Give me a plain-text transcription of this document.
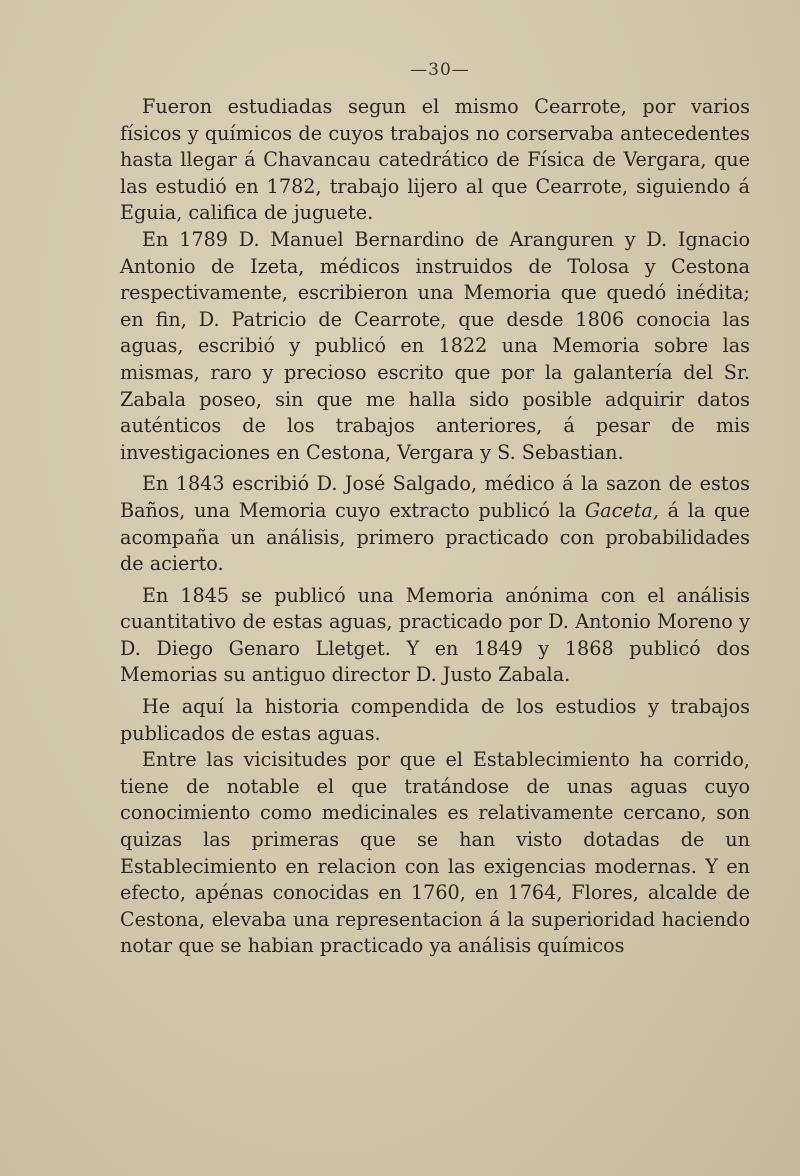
—30—

Fueron estudiadas segun el mismo Cearrote, por varios físicos y químicos de cuyos trabajos no corservaba antecedentes hasta llegar á Chavancau catedrático de Física de Vergara, que las estudió en 1782, trabajo lijero al que Cearrote, siguiendo á Eguia, califica de juguete.

En 1789 D. Manuel Bernardino de Aranguren y D. Ignacio Antonio de Izeta, médicos instruidos de Tolosa y Cestona respectivamente, escribieron una Memoria que quedó inédita; en fin, D. Patricio de Cearrote, que desde 1806 conocia las aguas, escribió y publicó en 1822 una Memoria sobre las mismas, raro y precioso escrito que por la galantería del Sr. Zabala poseo, sin que me halla sido posible adquirir datos auténticos de los trabajos anteriores, á pesar de mis investigaciones en Cestona, Vergara y S. Sebastian.

En 1843 escribió D. José Salgado, médico á la sazon de estos Baños, una Memoria cuyo extracto publicó la Gaceta, á la que acompaña un análisis, primero practicado con probabilidades de acierto.

En 1845 se publicó una Memoria anónima con el análisis cuantitativo de estas aguas, practicado por D. Antonio Moreno y D. Diego Genaro Lletget. Y en 1849 y 1868 publicó dos Memorias su antiguo director D. Justo Zabala.

He aquí la historia compendida de los estudios y trabajos publicados de estas aguas.

Entre las vicisitudes por que el Establecimiento ha corrido, tiene de notable el que tratándose de unas aguas cuyo conocimiento como medicinales es relativamente cercano, son quizas las primeras que se han visto dotadas de un Establecimiento en relacion con las exigencias modernas. Y en efecto, apénas conocidas en 1760, en 1764, Flores, alcalde de Cestona, elevaba una representacion á la superioridad haciendo notar que se habian practicado ya análisis químicos
